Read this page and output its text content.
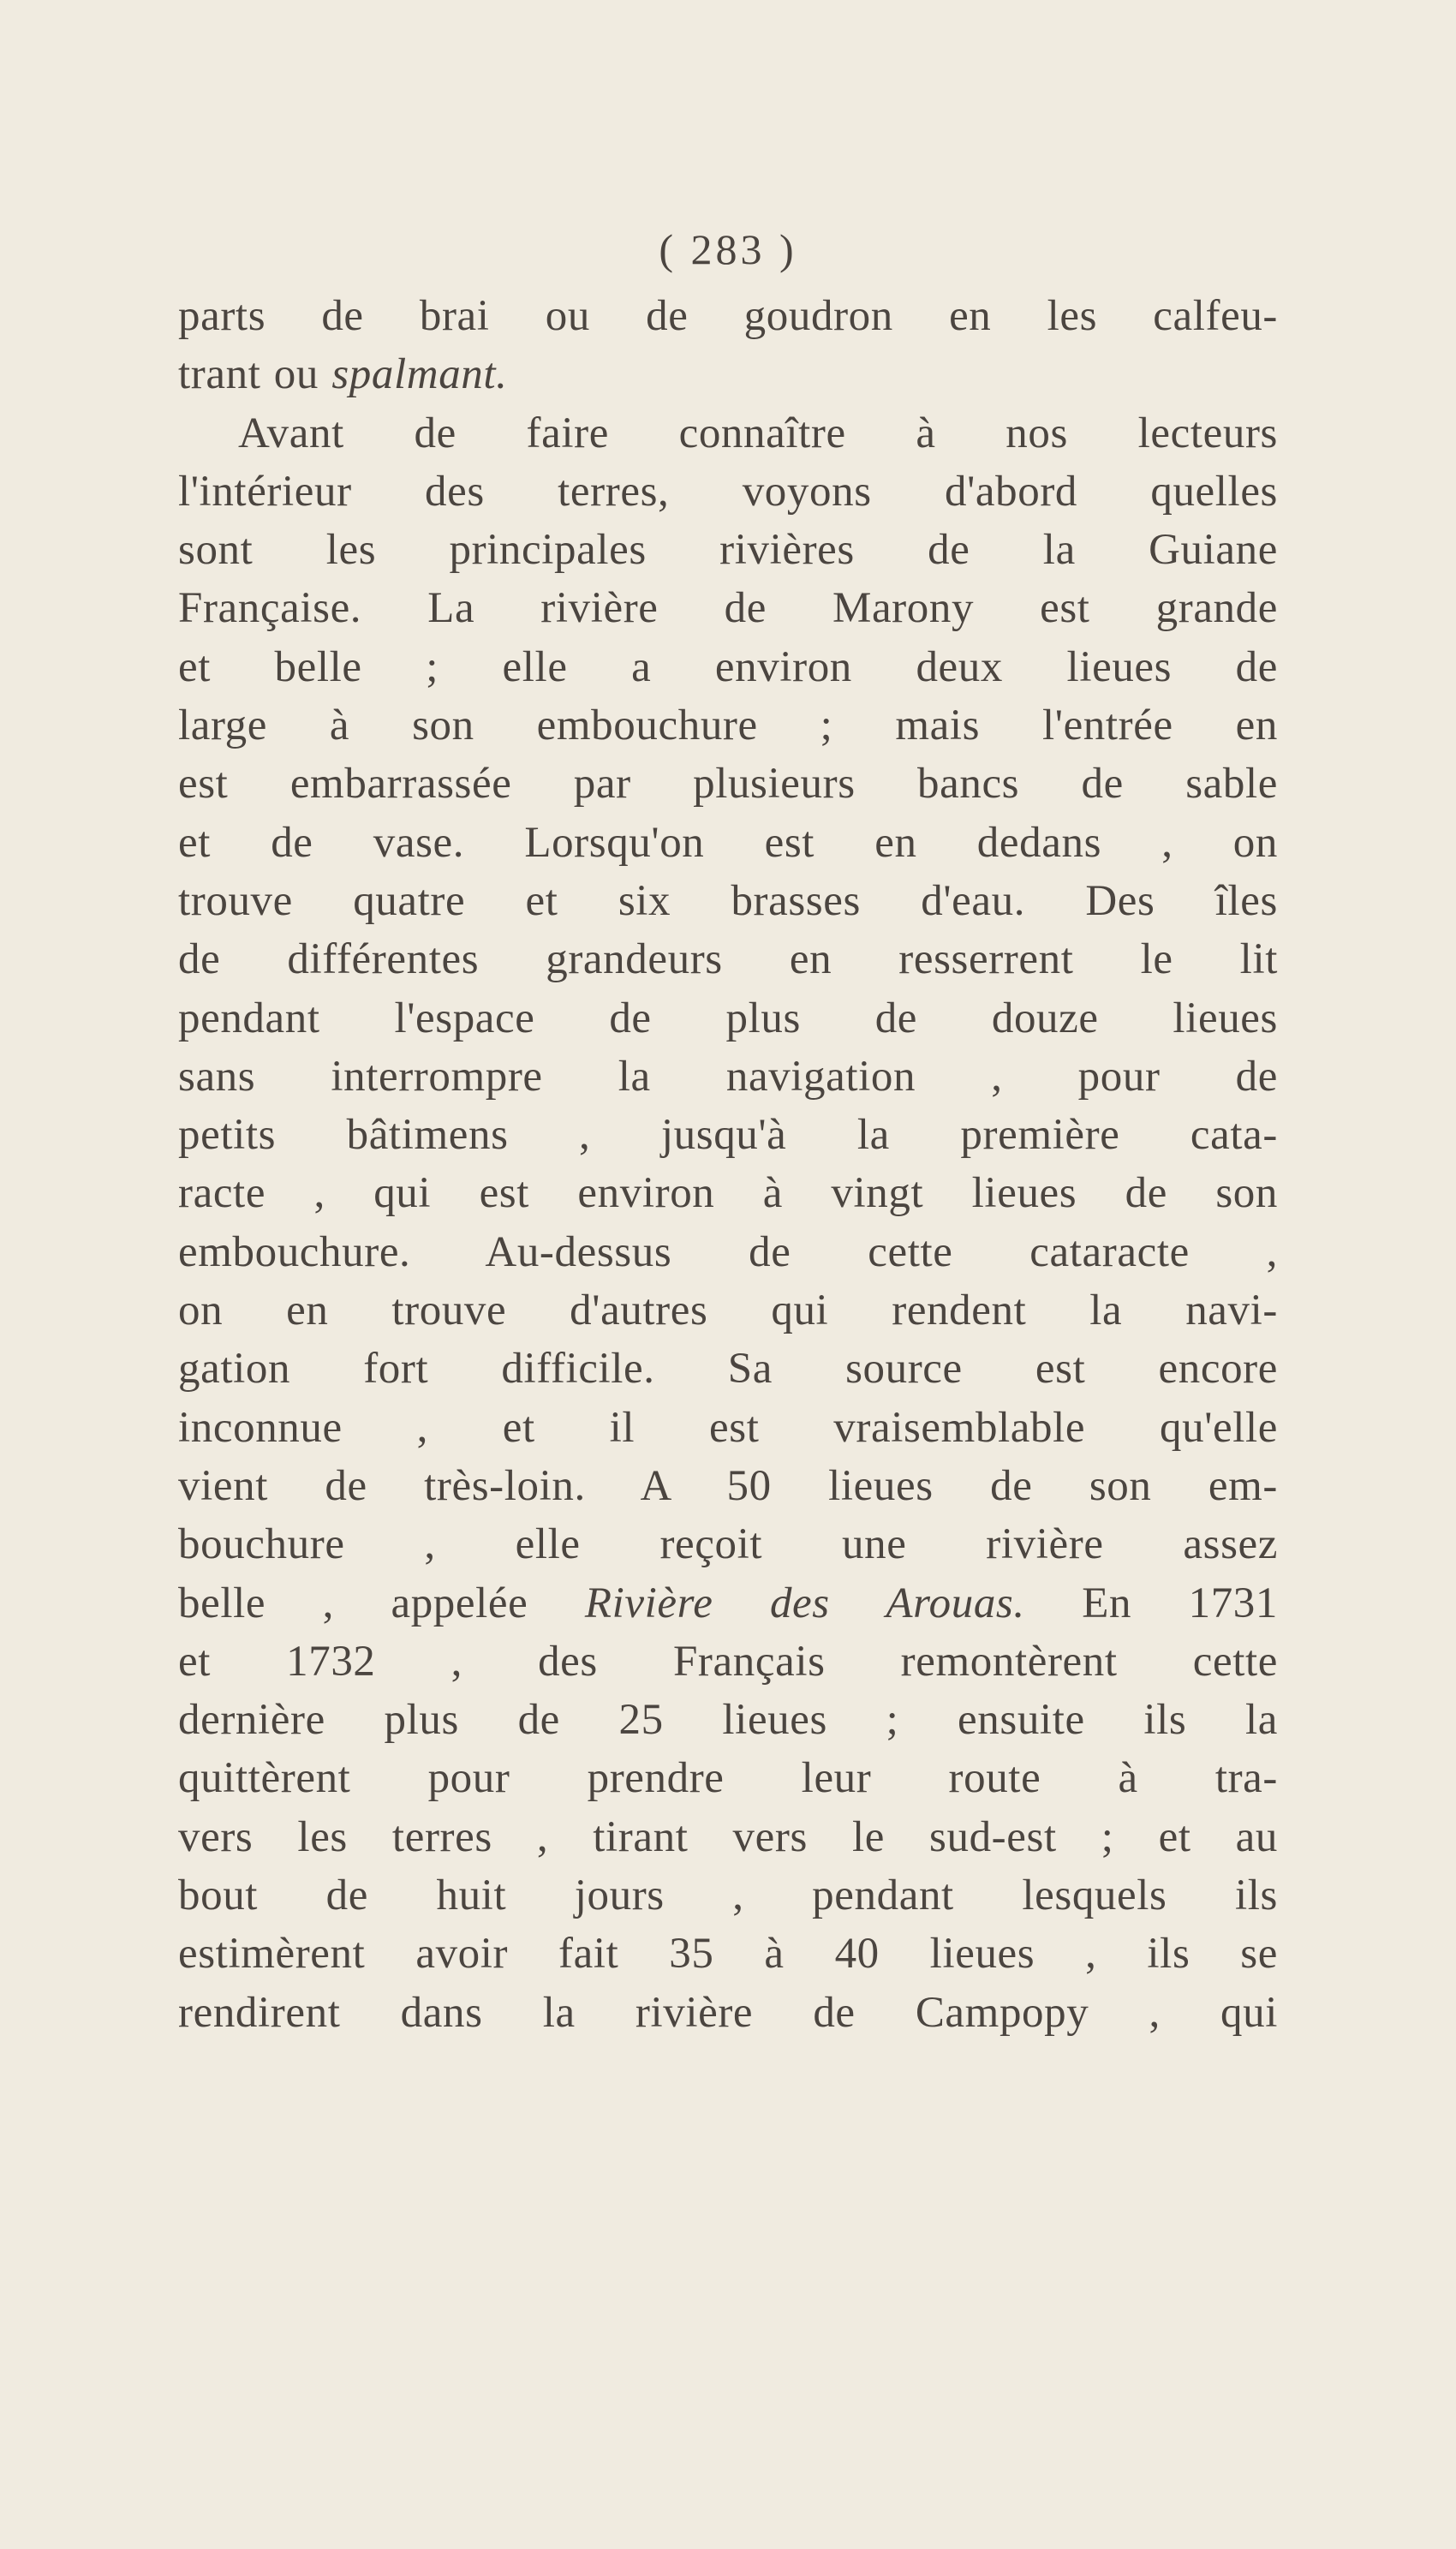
( 283 )
parts de brai ou de goudron en les calfeu-
trant ou spalmant.
Avant de faire connaître à nos lecteurs
l'intérieur des terres, voyons d'abord quelles
sont les principales rivières de la Guiane
Française. La rivière de Marony est grande
et belle ; elle a environ deux lieues de
large à son embouchure ; mais l'entrée en
est embarrassée par plusieurs bancs de sable
et de vase. Lorsqu'on est en dedans , on
trouve quatre et six brasses d'eau. Des îles
de différentes grandeurs en resserrent le lit
pendant l'espace de plus de douze lieues
sans interrompre la navigation , pour de
petits bâtimens , jusqu'à la première cata-
racte , qui est environ à vingt lieues de son
embouchure. Au-dessus de cette cataracte ,
on en trouve d'autres qui rendent la navi-
gation fort difficile. Sa source est encore
inconnue , et il est vraisemblable qu'elle
vient de très-loin. A 50 lieues de son em-
bouchure , elle reçoit une rivière assez
belle , appelée Rivière des Arouas. En 1731
et 1732 , des Français remontèrent cette
dernière plus de 25 lieues ; ensuite ils la
quittèrent pour prendre leur route à tra-
vers les terres , tirant vers le sud-est ; et au
bout de huit jours , pendant lesquels ils
estimèrent avoir fait 35 à 40 lieues , ils se
rendirent dans la rivière de Campopy , qui
